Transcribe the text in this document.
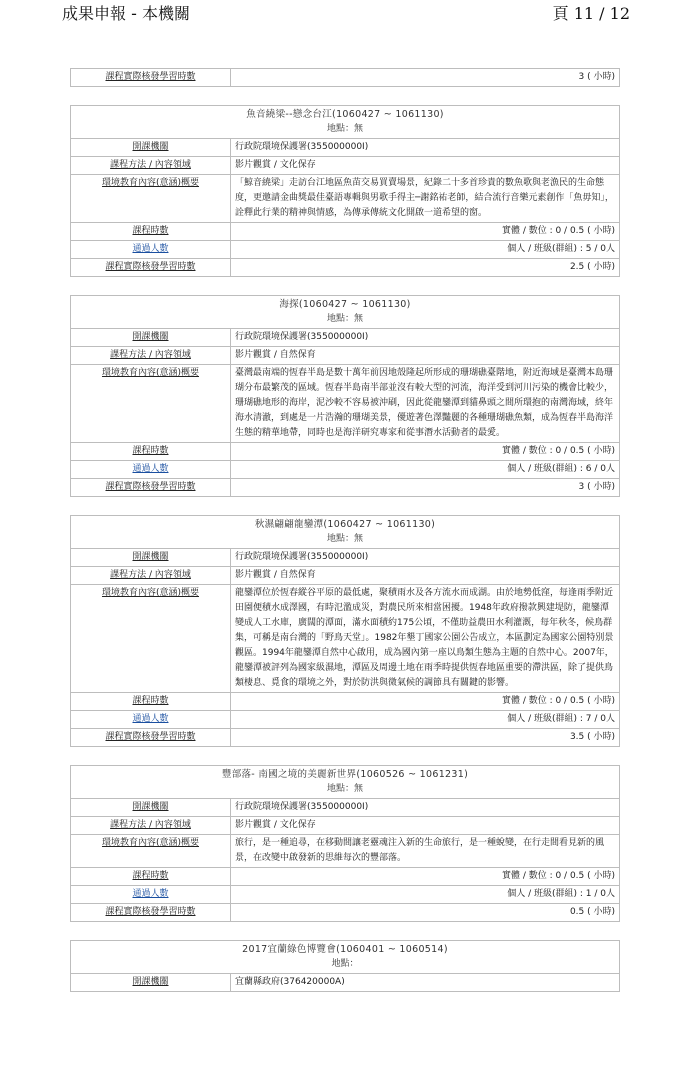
成果申報 - 本機關	頁 11 / 12
課程實際核發學習時數	3 ( 小時)
魚音繞梁--戀念台江(1060427 ~ 1061130)
地點：無	

開課機關	行政院環境保護署(355000000I)
課程方法 / 內容領域	影片觀賞 / 文化保存
環境教育內容(意涵)概要	「鯨音繞梁」走訪台江地區魚苗交易買賣場景，紀錄二十多首珍貴的數魚歌與老漁民的生命態度，更邀請金曲獎最佳臺語專輯與男歌手得主─謝銘祐老師，結合流行音樂元素創作「魚毋知」，詮釋此行業的精神與情感，為傳承傳統文化開啟一道希望的窗。
課程時數	實體 / 數位 : 0 / 0.5 ( 小時)
通過人數	個人 / 班級(群組) : 5 / 0人
課程實際核發學習時數	2.5 ( 小時)
海探(1060427 ~ 1061130)
地點：無	

開課機關	行政院環境保護署(355000000I)
課程方法 / 內容領域	影片觀賞 / 自然保育
環境教育內容(意涵)概要	臺灣最南端的恆春半島是數十萬年前因地殼隆起所形成的珊瑚礁臺階地，附近海域是臺灣本島珊瑚分布最繁茂的區域。恆春半島南半部並沒有較大型的河流，海洋受到河川污染的機會比較少，珊瑚礁地形的海岸，泥沙較不容易被沖刷，因此從龍鑾潭到貓鼻頭之間所環抱的南灣海域，終年海水清澈，到處是一片浩瀚的珊瑚美景，優遊著色澤豔麗的各種珊瑚礁魚類，成為恆春半島海洋生態的精華地帶，同時也是海洋研究專家和從事潛水活動者的最愛。
課程時數	實體 / 數位 : 0 / 0.5 ( 小時)
通過人數	個人 / 班級(群組) : 6 / 0人
課程實際核發學習時數	3 ( 小時)
秋濕翩翩龍鑾潭(1060427 ~ 1061130)
地點：無	

開課機關	行政院環境保護署(355000000I)
課程方法 / 內容領域	影片觀賞 / 自然保育
環境教育內容(意涵)概要	龍鑾潭位於恆春縱谷平原的最低處，聚積雨水及各方流水而成湖。由於地勢低窪，每逢雨季附近田園便積水成澤國，有時氾濫成災，對農民所來相當困擾。1948年政府撥款興建堤防，龍鑾潭變成人工水庫，廣闊的潭面，滿水面積約175公頃，不僅助益農田水利灌溉，每年秋冬，候鳥群集，可稱是南台灣的「野鳥天堂」。1982年墾丁國家公園公告成立，本區劃定為國家公園特別景觀區。1994年龍鑾潭自然中心啟用，成為國內第一座以鳥類生態為主題的自然中心。2007年，龍鑾潭被評列為國家級濕地，潭區及周邊土地在雨季時提供恆春地區重要的滯洪區，除了提供鳥類棲息、覓食的環境之外，對於防洪與微氣候的調節具有關鍵的影響。
課程時數	實體 / 數位 : 0 / 0.5 ( 小時)
通過人數	個人 / 班級(群組) : 7 / 0人
課程實際核發學習時數	3.5 ( 小時)
豐部落- 南國之境的美麗新世界(1060526 ~ 1061231)
地點：無	

開課機關	行政院環境保護署(355000000I)
課程方法 / 內容領域	影片觀賞 / 文化保存
環境教育內容(意涵)概要	旅行，是一種追尋，在移動間讓老靈魂注入新的生命旅行，是一種蛻變，在行走間看見新的風景，在改變中啟發新的思維每次的豐部落。
課程時數	實體 / 數位 : 0 / 0.5 ( 小時)
通過人數	個人 / 班級(群組) : 1 / 0人
課程實際核發學習時數	0.5 ( 小時)
2017宜蘭綠色博覽會(1060401 ~ 1060514)
地點：

開課機關	宜蘭縣政府(376420000A)
